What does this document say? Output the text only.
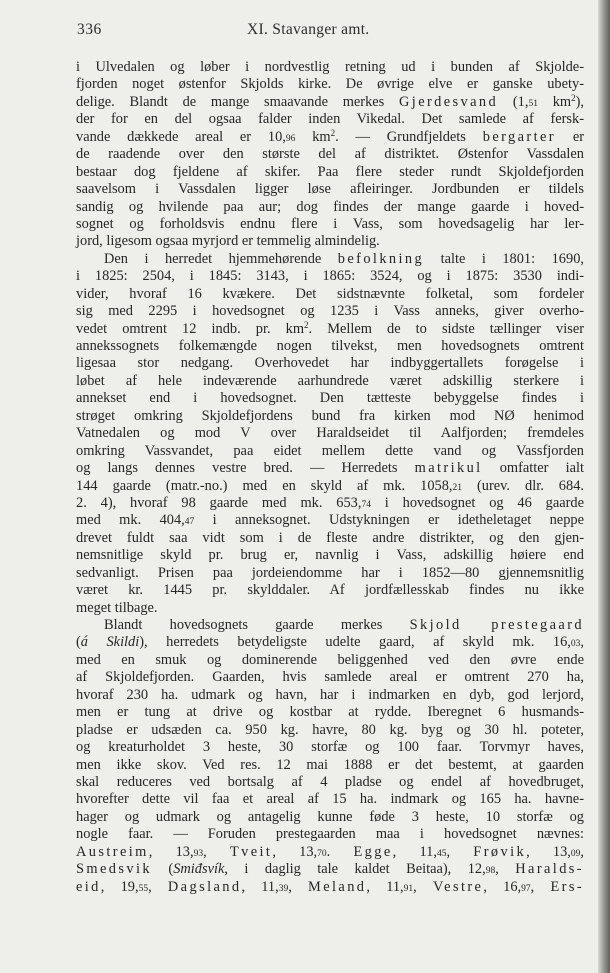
336	XI. Stavanger amt.
i Ulvedalen og løber i nordvestlig retning ud i bunden af Skjolde-
fjorden noget østenfor Skjolds kirke. De øvrige elve er ganske ubety-
delige. Blandt de mange smaavande merkes Gjerdesvand (1,51 $km^2$),
der for en del ogsaa falder inden Vikedal. Det samlede af fersk-
vande dækkede areal er 10,96 $km^2$. — Grundfjeldets bergarter er
de raadende over den største del af distriktet. Østenfor Vassdalen
bestaar dog fjeldene af skifer. Paa flere steder rundt Skjoldefjorden
saavelsom i Vassdalen ligger løse afleiringer. Jordbunden er tildels
sandig og hvilende paa aur; dog findes der mange gaarde i hoved-
sognet og forholdsvis endnu flere i Vass, som hovedsagelig har ler-
jord, ligesom ogsaa myrjord er temmelig almindelig.
Den i herredet hjemmehørende befolkning talte i 1801: 1690,
i 1825: 2504, i 1845: 3143, i 1865: 3524, og i 1875: 3530 indi-
vider, hvoraf 16 kvækere. Det sidstnævnte folketal, som fordeler
sig med 2295 i hovedsognet og 1235 i Vass anneks, giver overho-
vedet omtrent 12 indb. pr. $km^2$. Mellem de to sidste tællinger viser
annekssognets folkemængde nogen tilvekst, men hovedsognets omtrent
ligesaa stor nedgang. Overhovedet har indbyggertallets forøgelse i
løbet af hele indeværende aarhundrede været adskillig sterkere i
annekset end i hovedsognet. Den tætteste bebyggelse findes i
strøget omkring Skjoldefjordens bund fra kirken mod NØ henimod
Vatnedalen og mod V over Haraldseidet til Aalfjorden; fremdeles
omkring Vassvandet, paa eidet mellem dette vand og Vassfjorden
og langs dennes vestre bred. — Herredets matrikul omfatter ialt
144 gaarde (matr.-no.) med en skyld af mk. 1058,21 (urev. dlr. 684.
2. 4), hvoraf 98 gaarde med mk. 653,74 i hovedsognet og 46 gaarde
med mk. 404,47 i anneksognet. Udstykningen er idetheletaget neppe
drevet fuldt saa vidt som i de fleste andre distrikter, og den gjen-
nemsnitlige skyld pr. brug er, navnlig i Vass, adskillig høiere end
sedvanligt. Prisen paa jordeiendomme har i 1852—80 gjennemsnitlig
været kr. 1445 pr. skylddaler. Af jordfællesskab findes nu ikke
meget tilbage.
Blandt hovedsognets gaarde merkes Skjold prestegaard
(á Skildi), herredets betydeligste udelte gaard, af skyld mk. 16,03,
med en smuk og dominerende beliggenhed ved den øvre ende
af Skjoldefjorden. Gaarden, hvis samlede areal er omtrent 270 ha,
hvoraf 230 ha. udmark og havn, har i indmarken en dyb, god lerjord,
men er tung at drive og kostbar at rydde. Iberegnet 6 husmands-
pladse er udsæden ca. 950 kg. havre, 80 kg. byg og 30 hl. poteter,
og kreaturholdet 3 heste, 30 storfæ og 100 faar. Torvmyr haves,
men ikke skov. Ved res. 12 mai 1888 er det bestemt, at gaarden
skal reduceres ved bortsalg af 4 pladse og endel af hovedbruget,
hvorefter dette vil faa et areal af 15 ha. indmark og 165 ha. havne-
hager og udmark og antagelig kunne føde 3 heste, 10 storfæ og
nogle faar. — Foruden prestegaarden maa i hovedsognet nævnes:
Austreim, 13,93, Tveit, 13,70. Egge, 11,45, Frøvik, 13,09,
Smedsvik (Smiđsvík, i daglig tale kaldet Beitaa), 12,98, Haralds-
eid, 19,55, Dagsland, 11,39, Meland, 11,91, Vestre, 16,97, Ers-
